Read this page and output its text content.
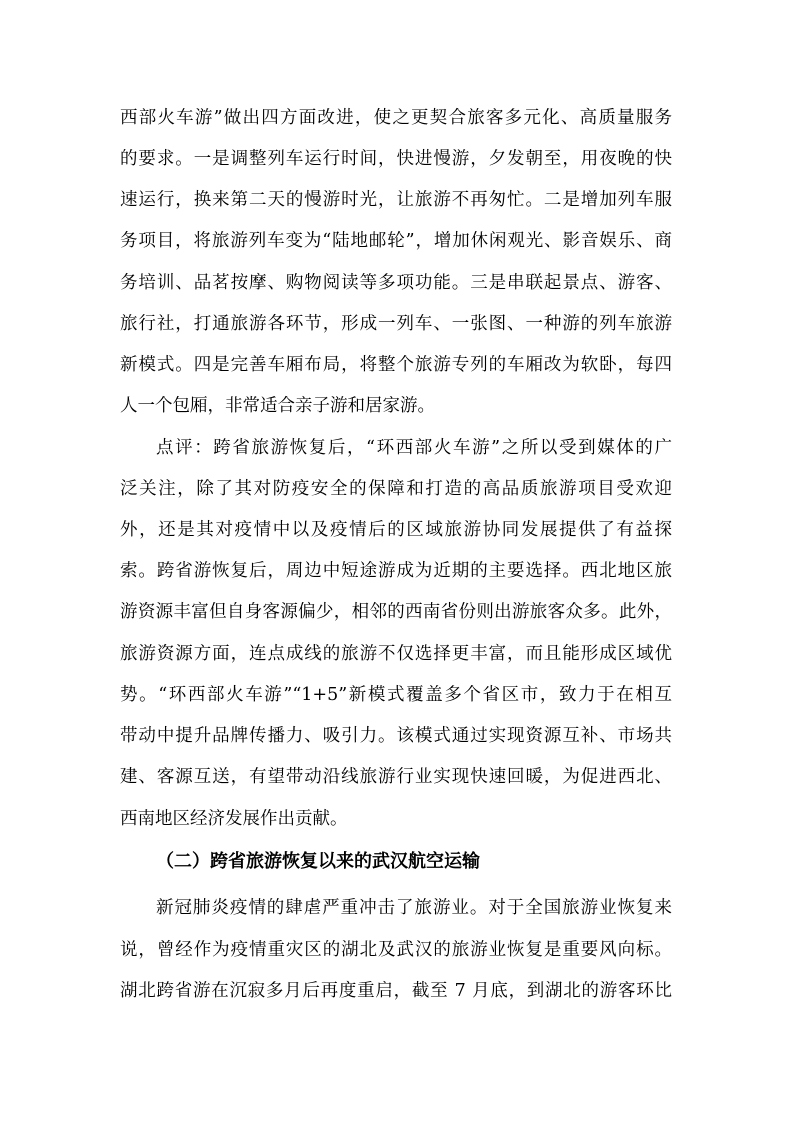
西部火车游”做出四方面改进，使之更契合旅客多元化、高质量服务
的要求。一是调整列车运行时间，快进慢游，夕发朝至，用夜晚的快
速运行，换来第二天的慢游时光，让旅游不再匆忙。二是增加列车服
务项目，将旅游列车变为“陆地邮轮”，增加休闲观光、影音娱乐、商
务培训、品茗按摩、购物阅读等多项功能。三是串联起景点、游客、
旅行社，打通旅游各环节，形成一列车、一张图、一种游的列车旅游
新模式。四是完善车厢布局，将整个旅游专列的车厢改为软卧，每四
人一个包厢，非常适合亲子游和居家游。
点评：跨省旅游恢复后，“环西部火车游”之所以受到媒体的广
泛关注，除了其对防疫安全的保障和打造的高品质旅游项目受欢迎
外，还是其对疫情中以及疫情后的区域旅游协同发展提供了有益探
索。跨省游恢复后，周边中短途游成为近期的主要选择。西北地区旅
游资源丰富但自身客源偏少，相邻的西南省份则出游旅客众多。此外，
旅游资源方面，连点成线的旅游不仅选择更丰富，而且能形成区域优
势。“环西部火车游”“1+5”新模式覆盖多个省区市，致力于在相互
带动中提升品牌传播力、吸引力。该模式通过实现资源互补、市场共
建、客源互送，有望带动沿线旅游行业实现快速回暖，为促进西北、
西南地区经济发展作出贡献。
（二）跨省旅游恢复以来的武汉航空运输
新冠肺炎疫情的肆虐严重冲击了旅游业。对于全国旅游业恢复来
说，曾经作为疫情重灾区的湖北及武汉的旅游业恢复是重要风向标。
湖北跨省游在沉寂多月后再度重启，截至 7 月底，到湖北的游客环比
